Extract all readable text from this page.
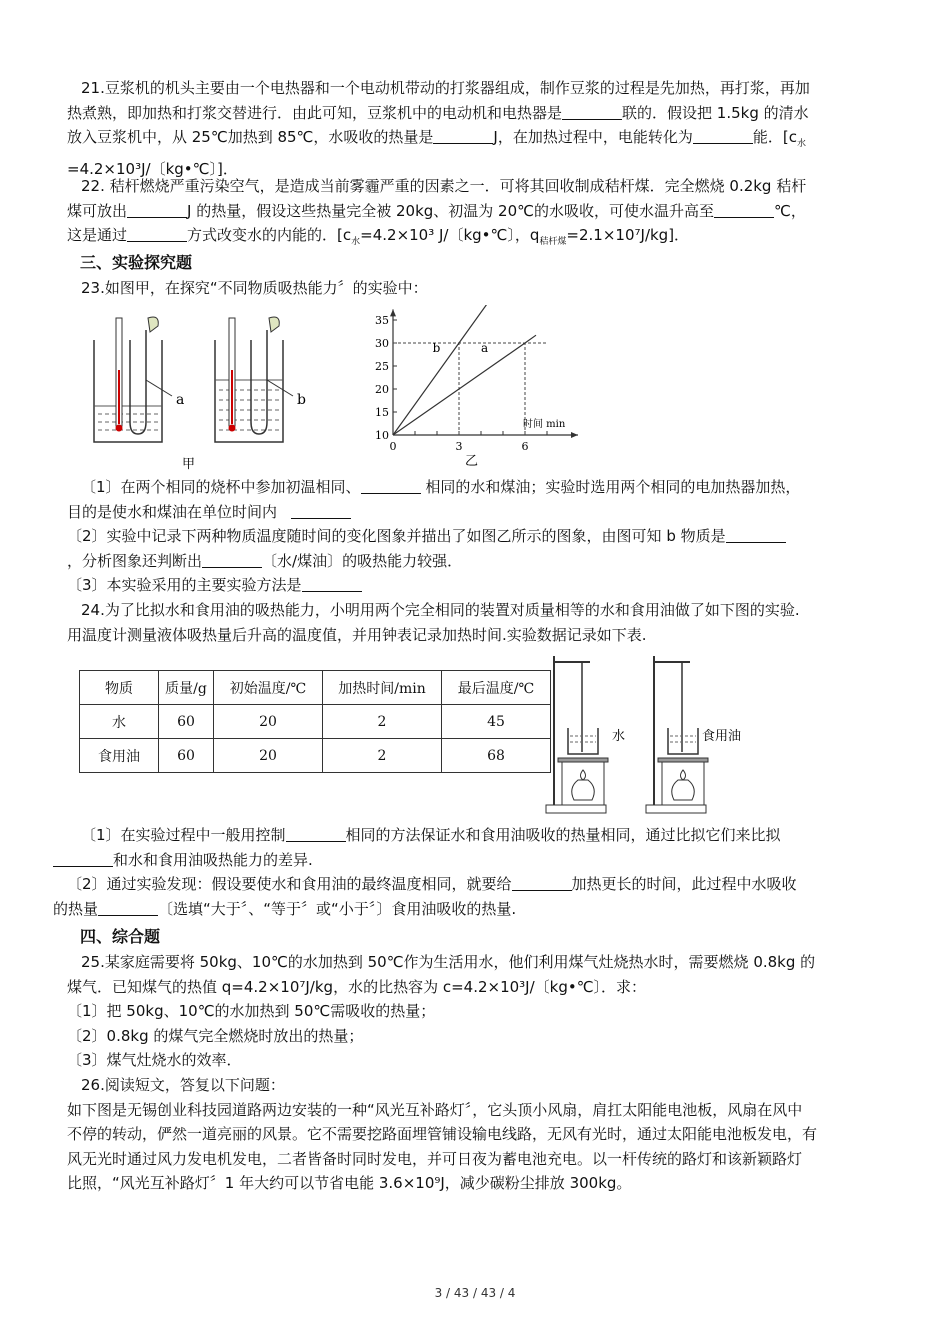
21.豆浆机的机头主要由一个电热器和一个电动机带动的打浆器组成，制作豆浆的过程是先加热，再打浆，再加
热煮熟，即加热和打浆交替进行．由此可知，豆浆机中的电动机和电热器是	联的．假设把 1.5kg 的清水
放入豆浆机中，从 25℃加热到 85℃，水吸收的热量是	J，在加热过程中，电能转化为	能．[$c_水$
=4.2×10³J/〔kg•℃〕]．
22. 秸杆燃烧严重污染空气，是造成当前雾霾严重的因素之一．可将其回收制成秸杆煤．完全燃烧 0.2kg 秸杆
煤可放出	J 的热量，假设这些热量完全被 20kg、初温为 20℃的水吸收，可使水温升高至	℃，
这是通过	方式改变水的内能的．[$c_水=4.2\times 10^3$ J/〔kg•℃〕，$q_{秸杆煤}=2.1\times 10^7J/kg$]．
三、实验探究题
23.如图甲，在探究“不同物质吸热能力〞的实验中：
a
甲
b
10
15
20
25
30
35
0	3	6
时间 min
b	a
乙
〔1〕在两个相同的烧杯中参加初温相同、	相同的水和煤油；实验时选用两个相同的电加热器加热，
目的是使水和煤油在单位时间内
〔2〕实验中记录下两种物质温度随时间的变化图象并描出了如图乙所示的图象，由图可知 b 物质是
，分析图象还判断出	〔水/煤油〕的吸热能力较强．
〔3〕本实验采用的主要实验方法是
24.为了比拟水和食用油的吸热能力，小明用两个完全相同的装置对质量相等的水和食用油做了如下图的实验.
用温度计测量液体吸热量后升高的温度值，并用钟表记录加热时间.实验数据记录如下表.
物质	质量/g	初始温度/℃	加热时间/min	最后温度/℃
水	60	20	2	45
食用油	60	20	2	68
水	食用油
〔1〕在实验过程中一般用控制	相同的方法保证水和食用油吸收的热量相同，通过比拟它们来比拟
和水和食用油吸热能力的差异.
〔2〕通过实验发现：假设要使水和食用油的最终温度相同，就要给	加热更长的时间，此过程中水吸收
的热量	〔选填“大于〞、“等于〞或“小于〞〕食用油吸收的热量.
四、综合题
25.某家庭需要将 50kg、10℃的水加热到 50℃作为生活用水，他们利用煤气灶烧热水时，需要燃烧 0.8kg 的
煤气．已知煤气的热值 q=4.2×10⁷J/kg，水的比热容为 c=4.2×10³J/〔kg•℃〕．求：
〔1〕把 50kg、10℃的水加热到 50℃需吸收的热量；
〔2〕0.8kg 的煤气完全燃烧时放出的热量；
〔3〕煤气灶烧水的效率．
26.阅读短文，答复以下问题：
如下图是无锡创业科技园道路两边安装的一种“风光互补路灯〞，它头顶小风扇，肩扛太阳能电池板，风扇在风中
不停的转动，俨然一道亮丽的风景。它不需要挖路面埋管铺设输电线路，无风有光时，通过太阳能电池板发电，有
风无光时通过风力发电机发电，二者皆备时同时发电，并可日夜为蓄电池充电。以一杆传统的路灯和该新颖路灯
比照，“风光互补路灯〞1 年大约可以节省电能 3.6×10⁹J，减少碳粉尘排放 300kg。
3 / 43 / 43 / 4
